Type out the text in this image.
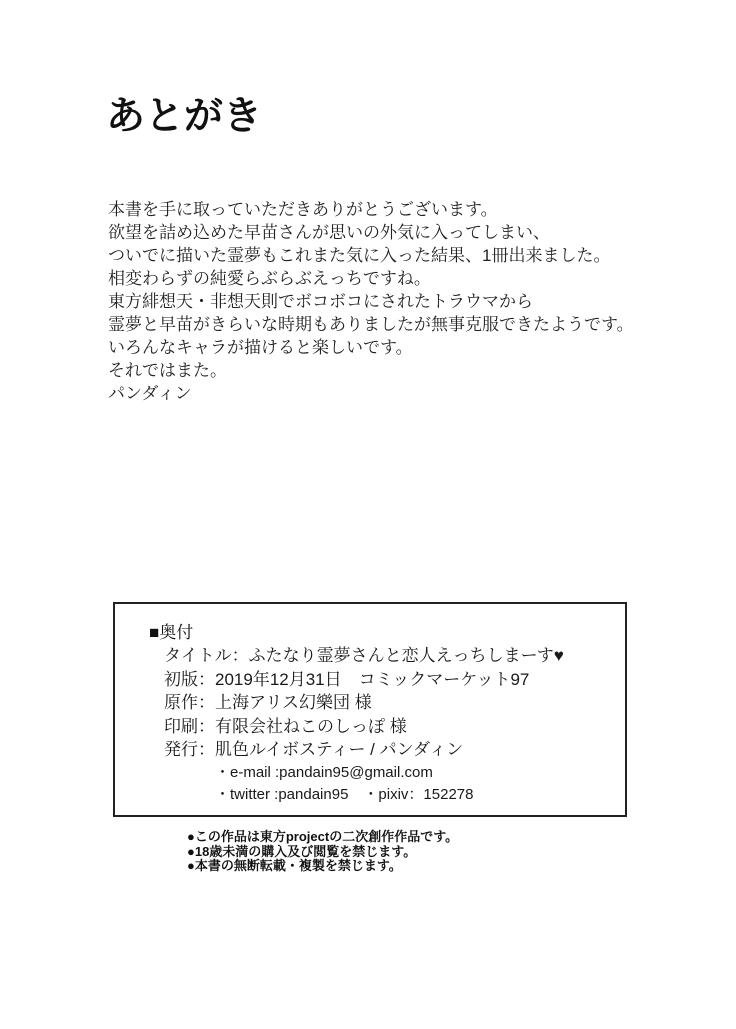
あとがき

本書を手に取っていただきありがとうございます。

欲望を詰め込めた早苗さんが思いの外気に入ってしまい、
ついでに描いた霊夢もこれまた気に入った結果、1冊出来ました。
相変わらずの純愛らぶらぶえっちですね。

東方緋想天・非想天則でボコボコにされたトラウマから
霊夢と早苗がきらいな時期もありましたが無事克服できたようです。
いろんなキャラが描けると楽しいです。

それではまた。

パンダィン

■奥付
タイトル：ふたなり霊夢さんと恋人えっちしまーす♥
初版：2019年12月31日　コミックマーケット97
原作：上海アリス幻樂団 様
印刷：有限会社ねこのしっぽ 様
発行：肌色ルイボスティー / パンダィン
・e-mail :pandain95@gmail.com
・twitter :pandain95　・pixiv：152278
●この作品は東方projectの二次創作作品です。
●18歳未満の購入及び閲覧を禁じます。
●本書の無断転載・複製を禁じます。
